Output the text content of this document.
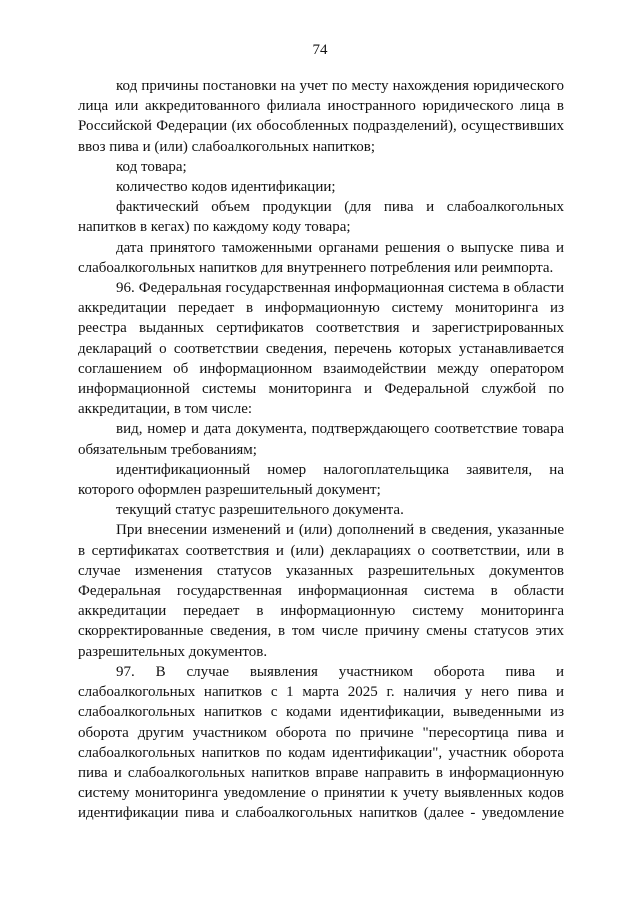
74

код причины постановки на учет по месту нахождения юридического лица или аккредитованного филиала иностранного юридического лица в Российской Федерации (их обособленных подразделений), осуществивших ввоз пива и (или) слабоалкогольных напитков;

код товара;

количество кодов идентификации;

фактический объем продукции (для пива и слабоалкогольных напитков в кегах) по каждому коду товара;

дата принятого таможенными органами решения о выпуске пива и слабоалкогольных напитков для внутреннего потребления или реимпорта.

96. Федеральная государственная информационная система в области аккредитации передает в информационную систему мониторинга из реестра выданных сертификатов соответствия и зарегистрированных деклараций о соответствии сведения, перечень которых устанавливается соглашением об информационном взаимодействии между оператором информационной системы мониторинга и Федеральной службой по аккредитации, в том числе:

вид, номер и дата документа, подтверждающего соответствие товара обязательным требованиям;

идентификационный номер налогоплательщика заявителя, на которого оформлен разрешительный документ;

текущий статус разрешительного документа.

При внесении изменений и (или) дополнений в сведения, указанные в сертификатах соответствия и (или) декларациях о соответствии, или в случае изменения статусов указанных разрешительных документов Федеральная государственная информационная система в области аккредитации передает в информационную систему мониторинга скорректированные сведения, в том числе причину смены статусов этих разрешительных документов.

97. В случае выявления участником оборота пива и слабоалкогольных напитков с 1 марта 2025 г. наличия у него пива и слабоалкогольных напитков с кодами идентификации, выведенными из оборота другим участником оборота по причине "пересортица пива и слабоалкогольных напитков по кодам идентификации", участник оборота пива и слабоалкогольных напитков вправе направить в информационную систему мониторинга уведомление о принятии к учету выявленных кодов идентификации пива и слабоалкогольных напитков (далее - уведомление
